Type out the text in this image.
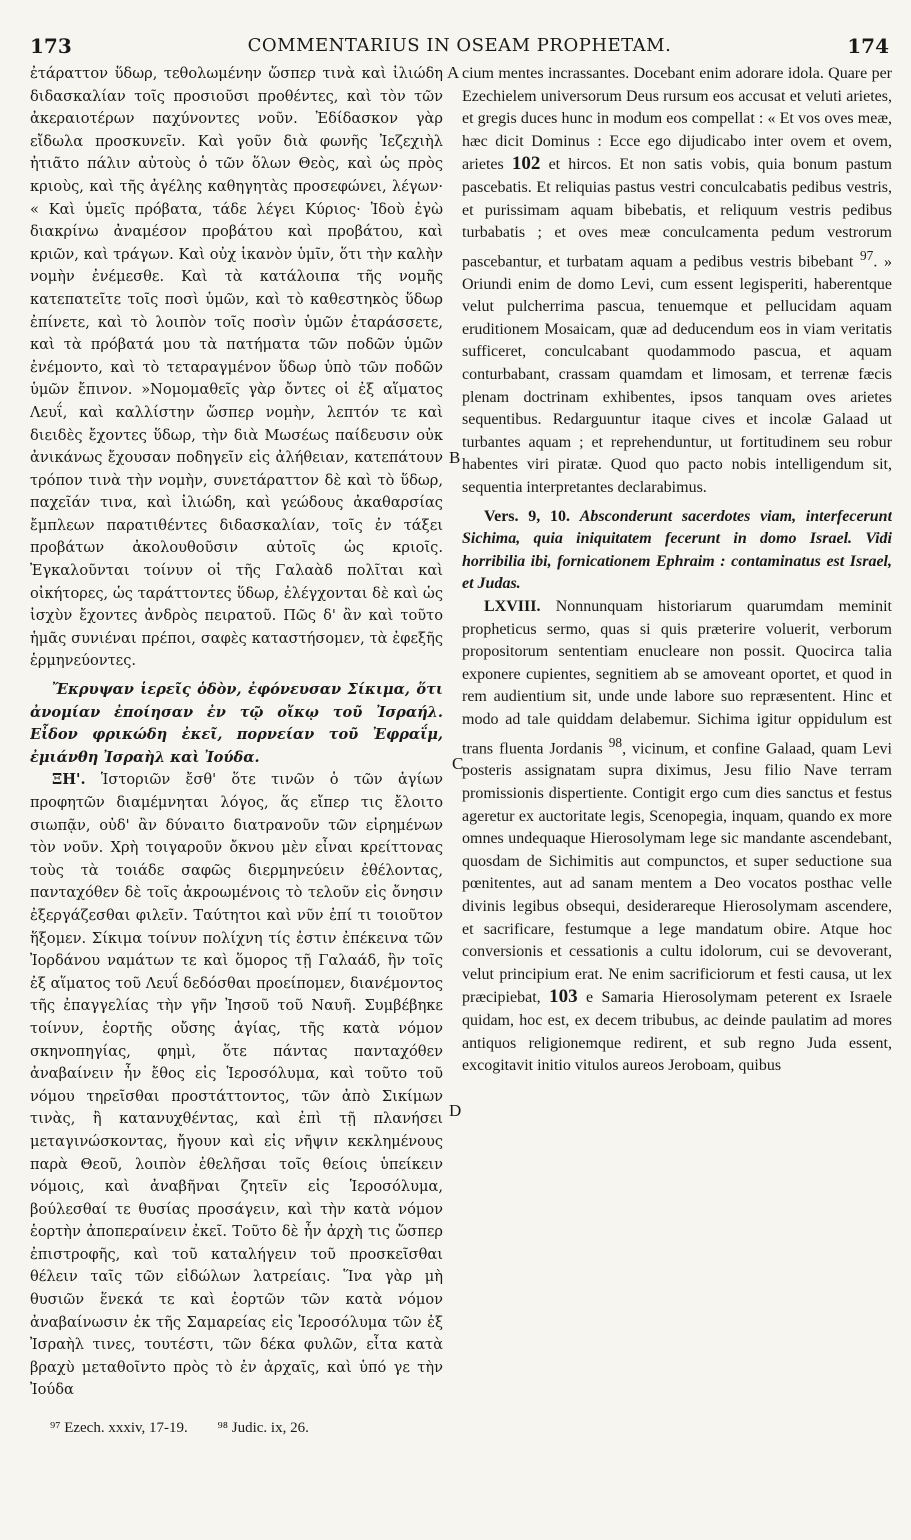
173	COMMENTARIUS IN OSEAM PROPHETAM.	174

ἐτάραττον ὕδωρ, τεθολωμένην ὥσπερ τινὰ καὶ ἰλιώδη διδασκαλίαν τοῖς προσιοῦσι προθέντες, καὶ τὸν τῶν ἀκεραιοτέρων παχύνοντες νοῦν. Ἐδίδασκον γὰρ εἴδωλα προσκυνεῖν. Καὶ γοῦν διὰ φωνῆς Ἰεζεχιὴλ ἠτιᾶτο πάλιν αὐτοὺς ὁ τῶν ὅλων Θεὸς, καὶ ὡς πρὸς κριοὺς, καὶ τῆς ἀγέλης καθηγητὰς προσεφώνει, λέγων· « Καὶ ὑμεῖς πρόβατα, τάδε λέγει Κύριος· Ἰδοὺ ἐγὼ διακρίνω ἀναμέσον προβάτου καὶ προβάτου, καὶ κριῶν, καὶ τράγων. Καὶ οὐχ ἱκανὸν ὑμῖν, ὅτι τὴν καλὴν νομὴν ἐνέμεσθε. Καὶ τὰ κατάλοιπα τῆς νομῆς κατεπατεῖτε τοῖς ποσὶ ὑμῶν, καὶ τὸ καθεστηκὸς ὕδωρ ἐπίνετε, καὶ τὸ λοιπὸν τοῖς ποσὶν ὑμῶν ἐταράσσετε, καὶ τὰ πρόβατά μου τὰ πατήματα τῶν ποδῶν ὑμῶν ἐνέμοντο, καὶ τὸ τεταραγμένον ὕδωρ ὑπὸ τῶν ποδῶν ὑμῶν ἔπινον. »Νομομαθεῖς γὰρ ὄντες οἱ ἐξ αἵματος Λευΐ, καὶ καλλίστην ὥσπερ νομὴν, λεπτόν τε καὶ διειδὲς ἔχοντες ὕδωρ, τὴν διὰ Μωσέως παίδευσιν οὐκ ἀνικάνως ἔχουσαν ποδηγεῖν εἰς ἀλήθειαν, κατεπάτουν τρόπον τινὰ τὴν νομὴν, συνετάραττον δὲ καὶ τὸ ὕδωρ, παχεῖάν τινα, καὶ ἰλιώδη, καὶ γεώδους ἀκαθαρσίας ἔμπλεων παρατιθέντες διδασκαλίαν, τοῖς ἐν τάξει προβάτων ἀκολουθοῦσιν αὐτοῖς ὡς κριοῖς. Ἐγκαλοῦνται τοίνυν οἱ τῆς Γαλαὰδ πολῖται καὶ οἰκήτορες, ὡς ταράττοντες ὕδωρ, ἐλέγχονται δὲ καὶ ὡς ἰσχὺν ἔχοντες ἀνδρὸς πειρατοῦ. Πῶς δ' ἂν καὶ τοῦτο ἡμᾶς συνιέναι πρέποι, σαφὲς καταστήσομεν, τὰ ἐφεξῆς ἑρμηνεύοντες.

Ἔκρυψαν ἱερεῖς ὁδὸν, ἐφόνευσαν Σίκιμα, ὅτι ἀνομίαν ἐποίησαν ἐν τῷ οἴκῳ τοῦ Ἰσραήλ. Εἶδον φρικώδη ἐκεῖ, πορνείαν τοῦ Ἐφραΐμ, ἐμιάνθη Ἰσραὴλ καὶ Ἰούδα.

ΞΗ'. Ἱστοριῶν ἔσθ' ὅτε τινῶν ὁ τῶν ἁγίων προφητῶν διαμέμνηται λόγος, ἅς εἴπερ τις ἔλοιτο σιωπᾷν, οὐδ' ἂν δύναιτο διατρανοῦν τῶν εἰρημένων τὸν νοῦν. Χρὴ τοιγαροῦν ὄκνου μὲν εἶναι κρείττονας τοὺς τὰ τοιάδε σαφῶς διερμηνεύειν ἐθέλοντας, πανταχόθεν δὲ τοῖς ἀκροωμένοις τὸ τελοῦν εἰς ὄνησιν ἐξεργάζεσθαι φιλεῖν. Ταύτητοι καὶ νῦν ἐπί τι τοιοῦτον ἥξομεν. Σίκιμα τοίνυν πολίχνη τίς ἐστιν ἐπέκεινα τῶν Ἰορδάνου ναμάτων τε καὶ ὅμορος τῇ Γαλαάδ, ἣν τοῖς ἐξ αἵματος τοῦ Λευΐ δεδόσθαι προείπομεν, διανέμοντος τῆς ἐπαγγελίας τὴν γῆν Ἰησοῦ τοῦ Ναυῆ. Συμβέβηκε τοίνυν, ἑορτῆς οὔσης ἁγίας, τῆς κατὰ νόμον σκηνοπηγίας, φημὶ, ὅτε πάντας πανταχόθεν ἀναβαίνειν ἦν ἔθος εἰς Ἱεροσόλυμα, καὶ τοῦτο τοῦ νόμου τηρεῖσθαι προστάττοντος, τῶν ἀπὸ Σικίμων τινὰς, ἢ κατανυχθέντας, καὶ ἐπὶ τῇ πλανήσει μεταγινώσκοντας, ἤγουν καὶ εἰς νῆψιν κεκλημένους παρὰ Θεοῦ, λοιπὸν ἐθελῆσαι τοῖς θείοις ὑπείκειν νόμοις, καὶ ἀναβῆναι ζητεῖν εἰς Ἱεροσόλυμα, βούλεσθαί τε θυσίας προσάγειν, καὶ τὴν κατὰ νόμον ἑορτὴν ἀποπεραίνειν ἐκεῖ. Τοῦτο δὲ ἦν ἀρχὴ τις ὥσπερ ἐπιστροφῆς, καὶ τοῦ καταλήγειν τοῦ προσκεῖσθαι θέλειν ταῖς τῶν εἰδώλων λατρείαις. Ἵνα γὰρ μὴ θυσιῶν ἕνεκά τε καὶ ἑορτῶν τῶν κατὰ νόμον ἀναβαίνωσιν ἐκ τῆς Σαμαρείας εἰς Ἱεροσόλυμα τῶν ἐξ Ἰσραὴλ τινες, τουτέστι, τῶν δέκα φυλῶν, εἶτα κατὰ βραχὺ μεταθοῖντο πρὸς τὸ ἐν ἀρχαῖς, καὶ ὑπό γε τὴν Ἰούδα

A
B
C
D

cium mentes incrassantes. Docebant enim adorare idola. Quare per Ezechielem universorum Deus rursum eos accusat et veluti arietes, et gregis duces hunc in modum eos compellat : « Et vos oves meæ, hæc dicit Dominus : Ecce ego dijudicabo inter ovem et ovem, arietes 102 et hircos. Et non satis vobis, quia bonum pastum pascebatis. Et reliquias pastus vestri conculcabatis pedibus vestris, et purissimam aquam bibebatis, et reliquum vestris pedibus turbabatis ; et oves meæ conculcamenta pedum vestrorum pascebantur, et turbatam aquam a pedibus vestris bibebant $^{97}$. » Oriundi enim de domo Levi, cum essent legisperiti, haberentque velut pulcherrima pascua, tenuemque et pellucidam aquam eruditionem Mosaicam, quæ ad deducendum eos in viam veritatis sufficeret, conculcabant quodammodo pascua, et aquam conturbabant, crassam quamdam et limosam, et terrenæ fæcis plenam doctrinam exhibentes, ipsos tanquam oves arietes sequentibus. Redarguuntur itaque cives et incolæ Galaad ut turbantes aquam ; et reprehenduntur, ut fortitudinem seu robur habentes viri piratæ. Quod quo pacto nobis intelligendum sit, sequentia interpretantes declarabimus.

Vers. 9, 10. Absconderunt sacerdotes viam, interfecerunt Sichima, quia iniquitatem fecerunt in domo Israel. Vidi horribilia ibi, fornicationem Ephraim : contaminatus est Israel, et Judas.

LXVIII. Nonnunquam historiarum quarumdam meminit propheticus sermo, quas si quis præterire voluerit, verborum propositorum sententiam enucleare non possit. Quocirca talia exponere cupientes, segnitiem ab se amoveant oportet, et quod in rem audientium sit, unde unde labore suo repræsentent. Hinc et modo ad tale quiddam delabemur. Sichima igitur oppidulum est trans fluenta Jordanis $^{98}$, vicinum, et confine Galaad, quam Levi posteris assignatam supra diximus, Jesu filio Nave terram promissionis dispertiente. Contigit ergo cum dies sanctus et festus ageretur ex auctoritate legis, Scenopegia, inquam, quando ex more omnes undequaque Hierosolymam lege sic mandante ascendebant, quosdam de Sichimitis aut compunctos, et super seductione sua pœnitentes, aut ad sanam mentem a Deo vocatos posthac velle divinis legibus obsequi, desiderareque Hierosolymam ascendere, et sacrificare, festumque a lege mandatum obire. Atque hoc conversionis et cessationis a cultu idolorum, cui se devoverant, velut principium erat. Ne enim sacrificiorum et festi causa, ut lex præcipiebat, 103 e Samaria Hierosolymam peterent ex Israele quidam, hoc est, ex decem tribubus, ac deinde paulatim ad mores antiquos religionemque redirent, et sub regno Juda essent, excogitavit initio vitulos aureos Jeroboam, quibus

⁹⁷ Ezech. xxxiv, 17-19. ⁹⁸ Judic. ix, 26.
